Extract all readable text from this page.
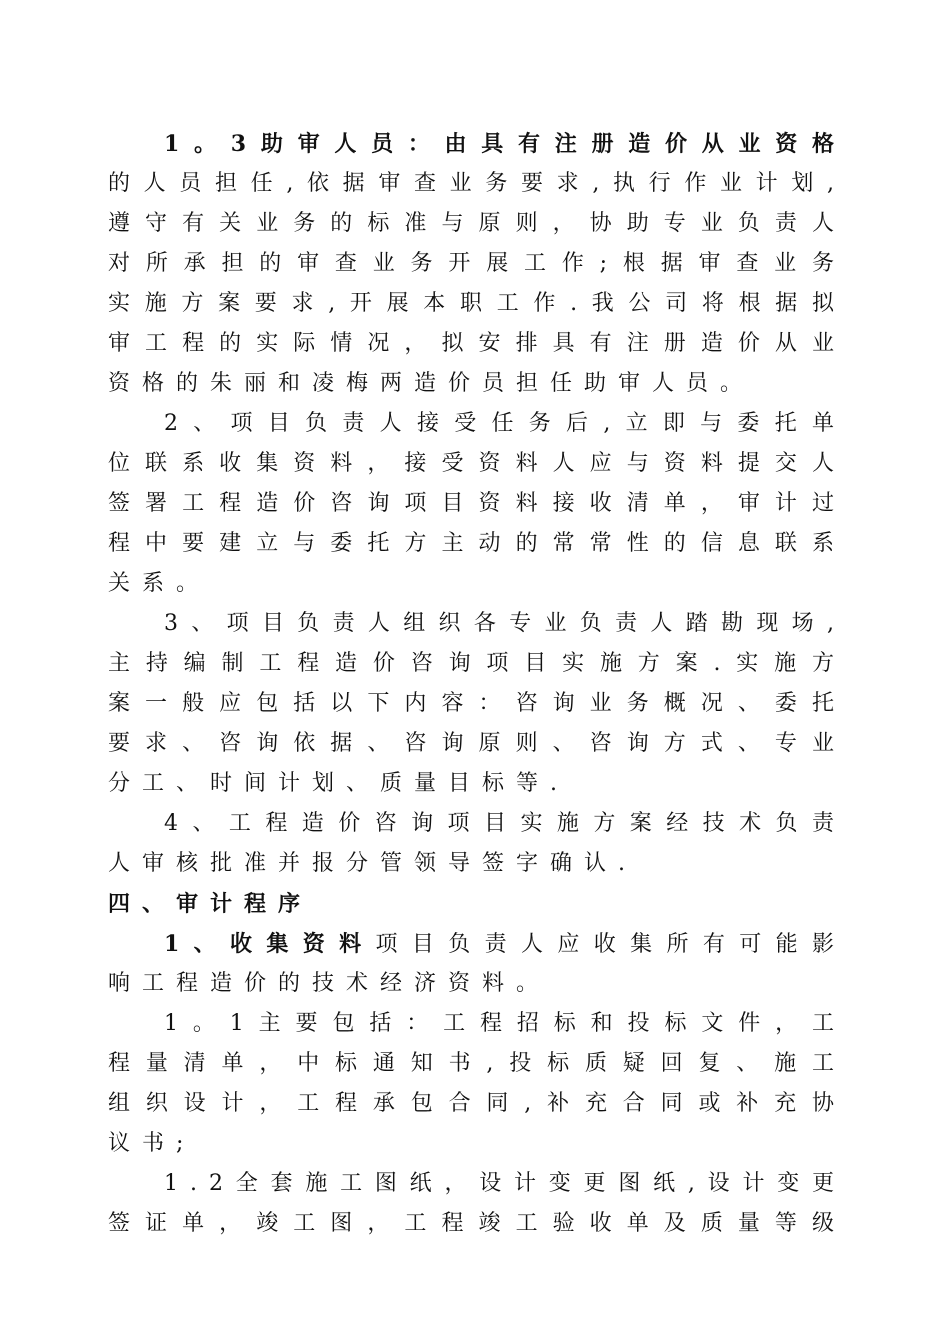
1。3助审人员：由具有注册造价从业资格
的人员担任,依据审查业务要求,执行作业计划,
遵守有关业务的标准与原则，协助专业负责人
对所承担的审查业务开展工作;根据审查业务
实施方案要求,开展本职工作.我公司将根据拟
审工程的实际情况，拟安排具有注册造价从业
资格的朱丽和凌梅两造价员担任助审人员。
2、项目负责人接受任务后,立即与委托单
位联系收集资料，接受资料人应与资料提交人
签署工程造价咨询项目资料接收清单，审计过
程中要建立与委托方主动的常常性的信息联系
关系。
3、项目负责人组织各专业负责人踏勘现场,
主持编制工程造价咨询项目实施方案.实施方
案一般应包括以下内容：咨询业务概况、委托
要求、咨询依据、咨询原则、咨询方式、专业
分工、时间计划、质量目标等.
4、工程造价咨询项目实施方案经技术负责
人审核批准并报分管领导签字确认.
四、审计程序
1、收集资料项目负责人应收集所有可能影
响工程造价的技术经济资料。
1。1主要包括：工程招标和投标文件，工
程量清单，中标通知书,投标质疑回复、施工
组织设计，工程承包合同,补充合同或补充协
议书;
1.2全套施工图纸，设计变更图纸,设计变更
签证单，竣工图，工程竣工验收单及质量等级
